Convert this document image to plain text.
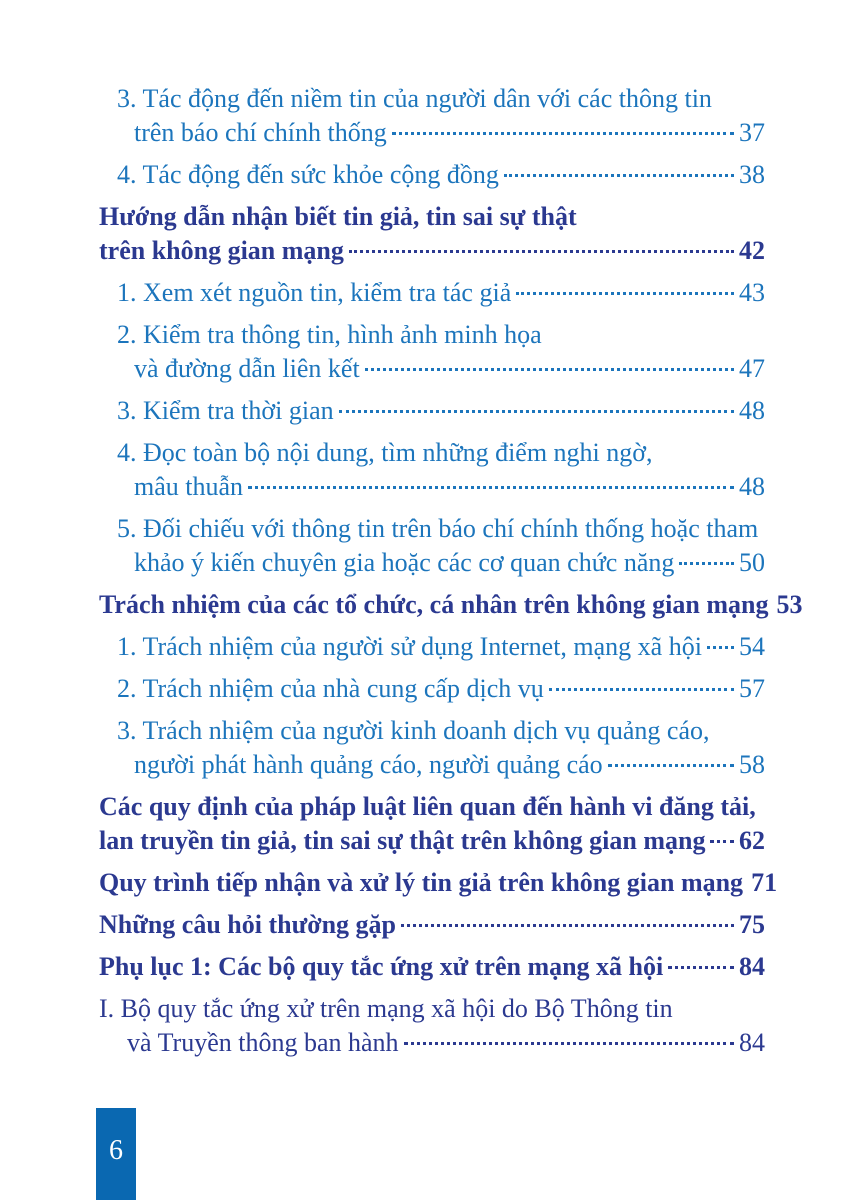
3. Tác động đến niềm tin của người dân với các thông tin
trên báo chí chính thống	37
4. Tác động đến sức khỏe cộng đồng	38
Hướng dẫn nhận biết tin giả, tin sai sự thật
trên không gian mạng	42
1. Xem xét nguồn tin, kiểm tra tác giả	43
2. Kiểm tra thông tin, hình ảnh minh họa
và đường dẫn liên kết	47
3. Kiểm tra thời gian	48
4. Đọc toàn bộ nội dung, tìm những điểm nghi ngờ,
mâu thuẫn	48
5. Đối chiếu với thông tin trên báo chí chính thống hoặc tham
khảo ý kiến chuyên gia hoặc các cơ quan chức năng 50
Trách nhiệm của các tổ chức, cá nhân trên không gian mạng 53
1. Trách nhiệm của người sử dụng Internet, mạng xã hội 54
2. Trách nhiệm của nhà cung cấp dịch vụ	57
3. Trách nhiệm của người kinh doanh dịch vụ quảng cáo,
người phát hành quảng cáo, người quảng cáo	58
Các quy định của pháp luật liên quan đến hành vi đăng tải,
lan truyền tin giả, tin sai sự thật trên không gian mạng 62
Quy trình tiếp nhận và xử lý tin giả trên không gian mạng 71
Những câu hỏi thường gặp	75
Phụ lục 1: Các bộ quy tắc ứng xử trên mạng xã hội	84
I. Bộ quy tắc ứng xử trên mạng xã hội do Bộ Thông tin
và Truyền thông ban hành	84
6
